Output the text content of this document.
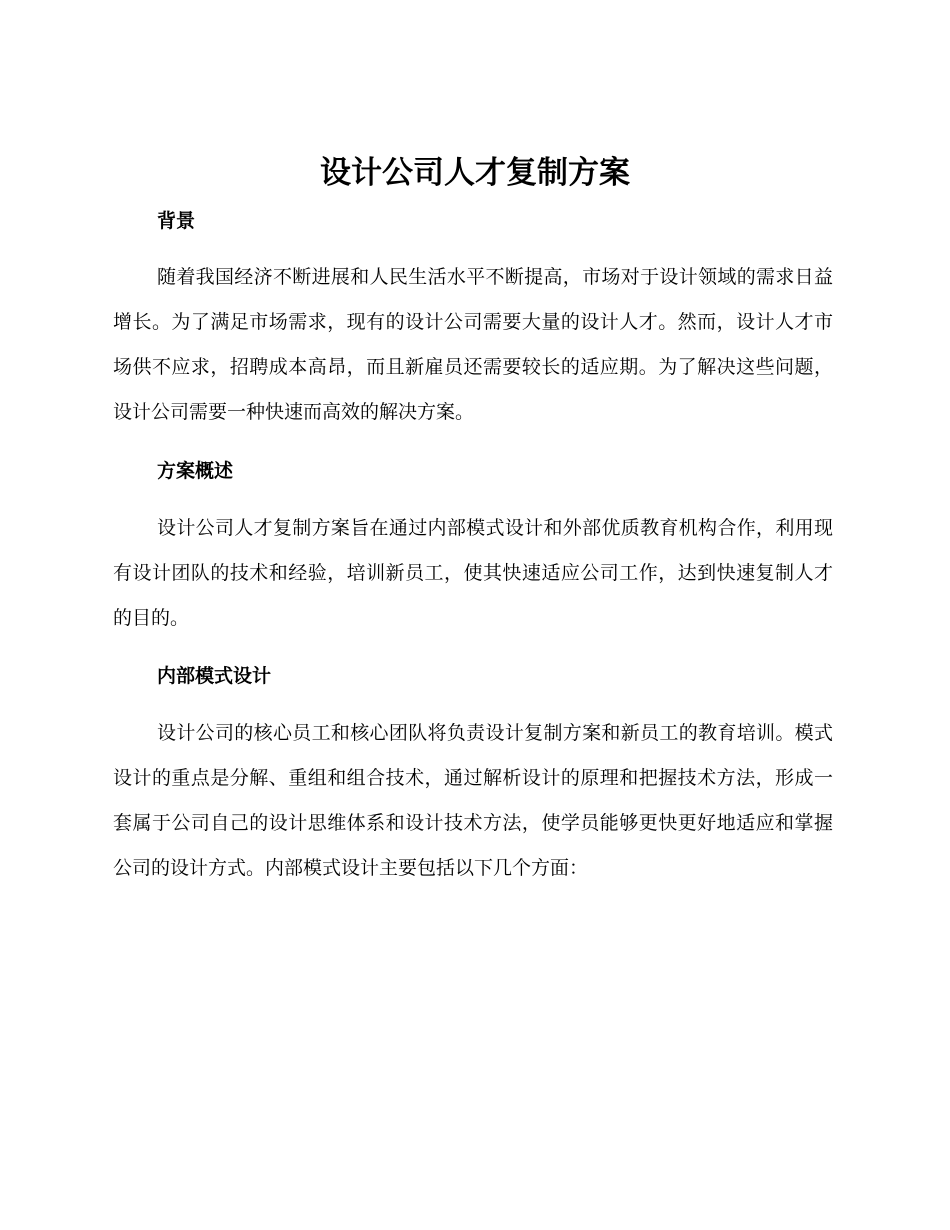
设计公司人才复制方案
背景

随着我国经济不断进展和人民生活水平不断提高，市场对于设计领域的需求日益增长。为了满足市场需求，现有的设计公司需要大量的设计人才。然而，设计人才市场供不应求，招聘成本高昂，而且新雇员还需要较长的适应期。为了解决这些问题，设计公司需要一种快速而高效的解决方案。

方案概述

设计公司人才复制方案旨在通过内部模式设计和外部优质教育机构合作，利用现有设计团队的技术和经验，培训新员工，使其快速适应公司工作，达到快速复制人才的目的。

内部模式设计

设计公司的核心员工和核心团队将负责设计复制方案和新员工的教育培训。模式设计的重点是分解、重组和组合技术，通过解析设计的原理和把握技术方法，形成一套属于公司自己的设计思维体系和设计技术方法，使学员能够更快更好地适应和掌握公司的设计方式。内部模式设计主要包括以下几个方面：
